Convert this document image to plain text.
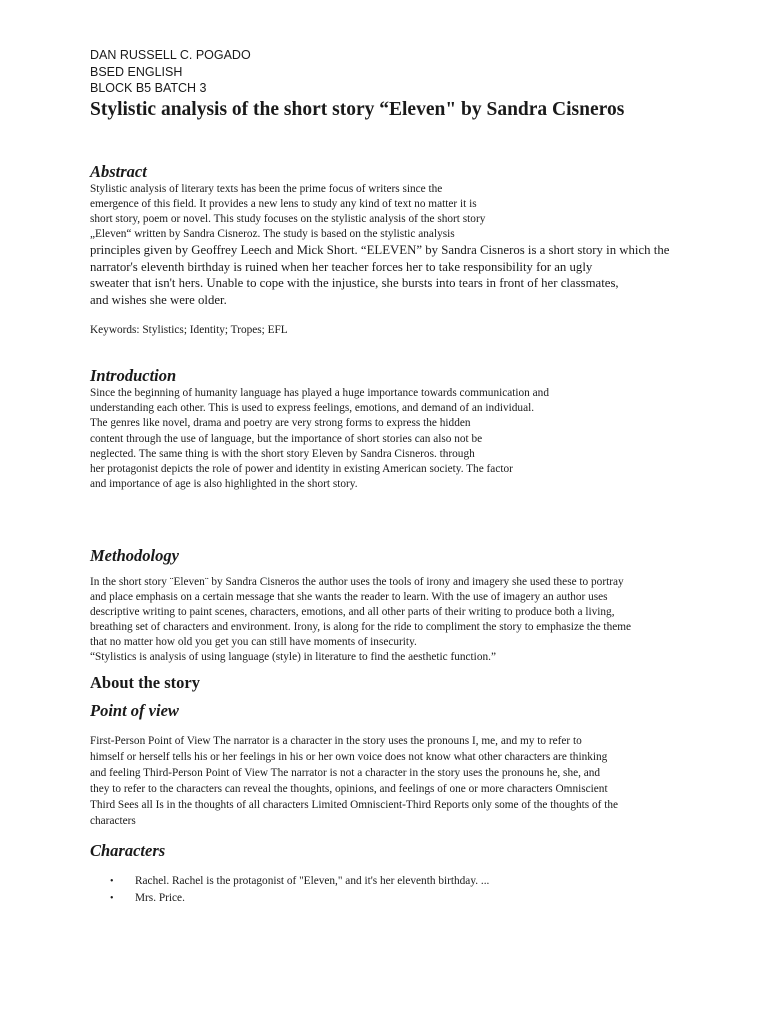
DAN RUSSELL C. POGADO
BSED ENGLISH
BLOCK B5 BATCH 3
Stylistic analysis of the short story “Eleven" by Sandra Cisneros
Abstract
Stylistic analysis of literary texts has been the prime focus of writers since the
emergence of this field. It provides a new lens to study any kind of text no matter it is
short story, poem or novel. This study focuses on the stylistic analysis of the short story
„Eleven“ written by Sandra Cisneroz. The study is based on the stylistic analysis
principles given by Geoffrey Leech and Mick Short. “ELEVEN” by Sandra Cisneros is a short story in which the
narrator's eleventh birthday is ruined when her teacher forces her to take responsibility for an ugly
sweater that isn't hers. Unable to cope with the injustice, she bursts into tears in front of her classmates,
and wishes she were older.
Keywords: Stylistics; Identity; Tropes; EFL
Introduction
Since the beginning of humanity language has played a huge importance towards communication and
understanding each other. This is used to express feelings, emotions, and demand of an individual.
The genres like novel, drama and poetry are very strong forms to express the hidden
content through the use of language, but the importance of short stories can also not be
neglected. The same thing is with the short story Eleven by Sandra Cisneros. through
her protagonist depicts the role of power and identity in existing American society. The factor
and importance of age is also highlighted in the short story.
Methodology
In the short story ¨Eleven¨ by Sandra Cisneros the author uses the tools of irony and imagery she used these to portray
and place emphasis on a certain message that she wants the reader to learn. With the use of imagery an author uses
descriptive writing to paint scenes, characters, emotions, and all other parts of their writing to produce both a living,
breathing set of characters and environment. Irony, is along for the ride to compliment the story to emphasize the theme
that no matter how old you get you can still have moments of insecurity.
“Stylistics is analysis of using language (style) in literature to find the aesthetic function.”
About the story
Point of view
First-Person Point of View The narrator is a character in the story uses the pronouns I, me, and my to refer to
himself or herself tells his or her feelings in his or her own voice does not know what other characters are thinking
and feeling Third-Person Point of View The narrator is not a character in the story uses the pronouns he, she, and
they to refer to the characters can reveal the thoughts, opinions, and feelings of one or more characters Omniscient
Third Sees all Is in the thoughts of all characters Limited Omniscient-Third Reports only some of the thoughts of the
characters
Characters
• Rachel. Rachel is the protagonist of "Eleven," and it's her eleventh birthday. ...
• Mrs. Price.
